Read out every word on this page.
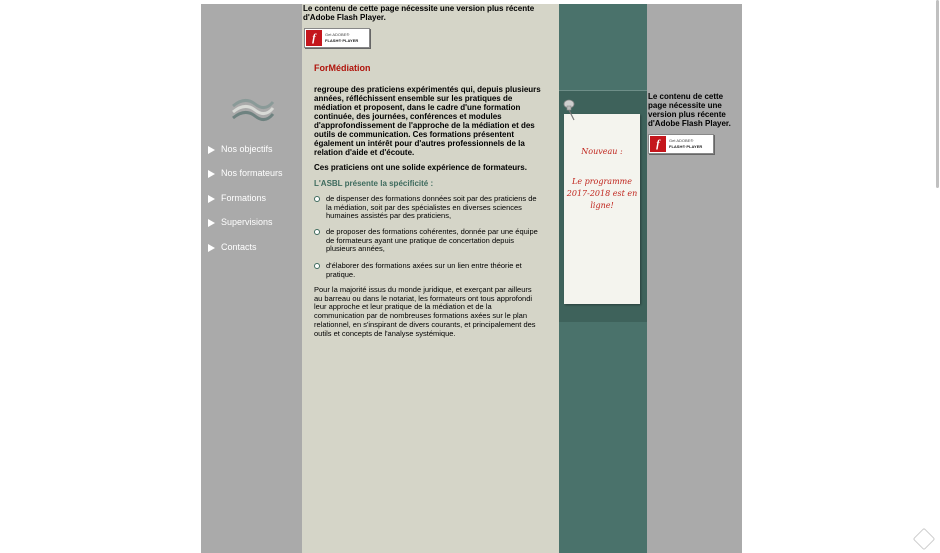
Nos objectifs
Nos formateurs
Formations
Supervisions
Contacts

Le contenu de cette page nécessite une version plus récente d'Adobe Flash Player.

f	Get ADOBE®
FLASH® PLAYER
ForMédiation

regroupe des praticiens expérimentés qui, depuis plusieurs années, réfléchissent ensemble sur les pratiques de médiation et proposent, dans le cadre d'une formation continuée, des journées, conférences et modules d'approfondissement de l'approche de la médiation et des outils de communication. Ces formations présentent également un intérêt pour d'autres professionnels de la relation d'aide et d'écoute.

Ces praticiens ont une solide expérience de formateurs.

L'ASBL présente la spécificité :

de dispenser des formations données soit par des praticiens de la médiation, soit par des spécialistes en diverses sciences humaines assistés par des praticiens,

de proposer des formations cohérentes, donnée par une équipe de formateurs ayant une pratique de concertation depuis plusieurs années,

d'élaborer des formations axées sur un lien entre théorie et pratique.

Pour la majorité issus du monde juridique, et exerçant par ailleurs au barreau ou dans le notariat, les formateurs ont tous approfondi leur approche et leur pratique de la médiation et de la communication par de nombreuses formations axées sur le plan relationnel, en s'inspirant de divers courants, et principalement des outils et concepts de l'analyse systémique.

Nouveau :
Le programme 2017-2018 est en ligne!

Le contenu de cette page nécessite une version plus récente d'Adobe Flash Player.

f	Get ADOBE®
FLASH® PLAYER
